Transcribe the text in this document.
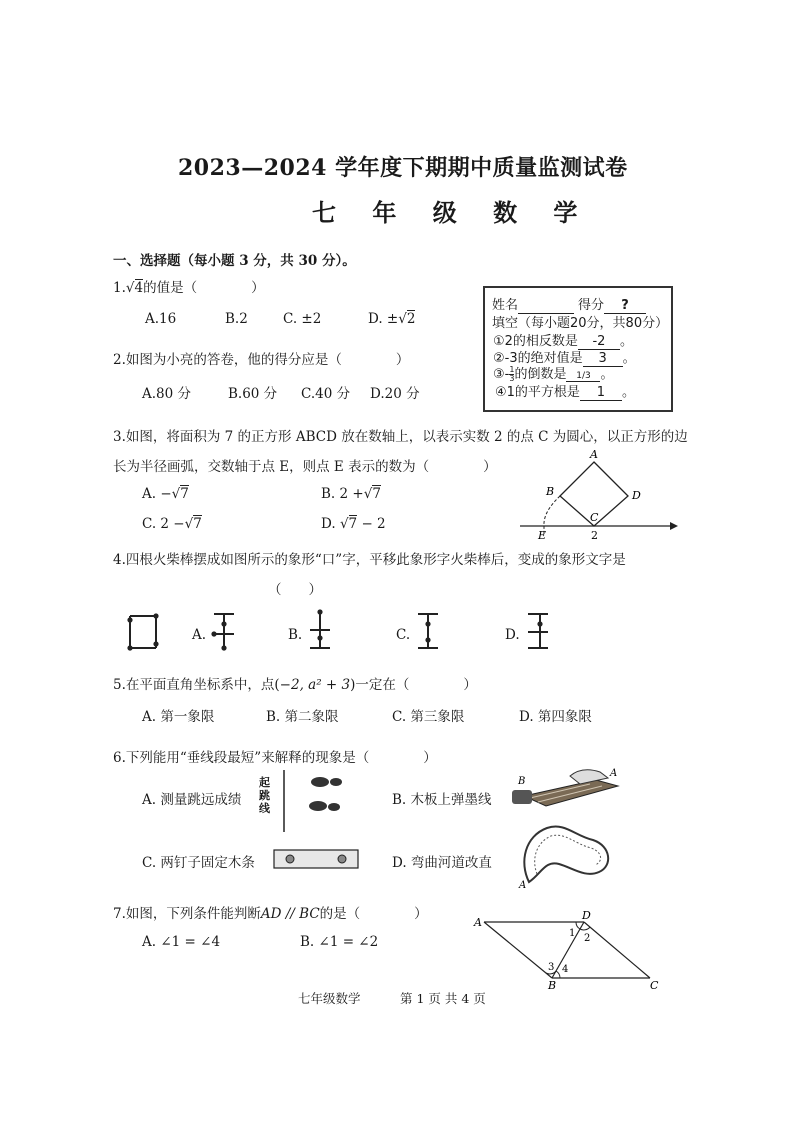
2023—2024 学年度下期期中质量监测试卷
七 年 级 数 学
一、选择题（每小题 3 分，共 30 分）。
1.√4的值是（　　　　）
A.16	B.2	C. ±2	D. ±√2
姓名	得分 ?
填空（每小题20分，共80分）
①2的相反数是 -2 。
②-3的绝对值是 3 。
③- $\frac{1}{3}$ 的倒数是 1/3 。
④1的平方根是 1 。
2.如图为小亮的答卷，他的得分应是（　　　　）
A.80 分	B.60 分 C.40 分 D.20 分
3.如图，将面积为 7 的正方形 ABCD 放在数轴上，以表示实数 2 的点 C 为圆心，以正方形的边
长为半径画弧，交数轴于点 E，则点 E 表示的数为（　　　　）
A. −√7	B. 2 +√7
C. 2 −√7	D. √7 − 2
A
B
C
D
E	2
4.四根火柴棒摆成如图所示的象形“口”字，平移此象形字火柴棒后，变成的象形文字是
（　　）
A.	B.	C.	D.
5.在平面直角坐标系中，点(−2, a² + 3)一定在（　　　　）
A. 第一象限	B. 第二象限	C. 第三象限	D. 第四象限
6.下列能用“垂线段最短”来解释的现象是（　　　　）
A. 测量跳远成绩	B. 木板上弹墨线
C. 两钉子固定木条	D. 弯曲河道改直
起跳线
B
A
A
7.如图，下列条件能判断AD // BC的是（　　　　）
A. ∠1 = ∠4	B. ∠1 = ∠2
A
D
B	C
1 2
3 4
七年级数学	第 1 页 共 4 页
